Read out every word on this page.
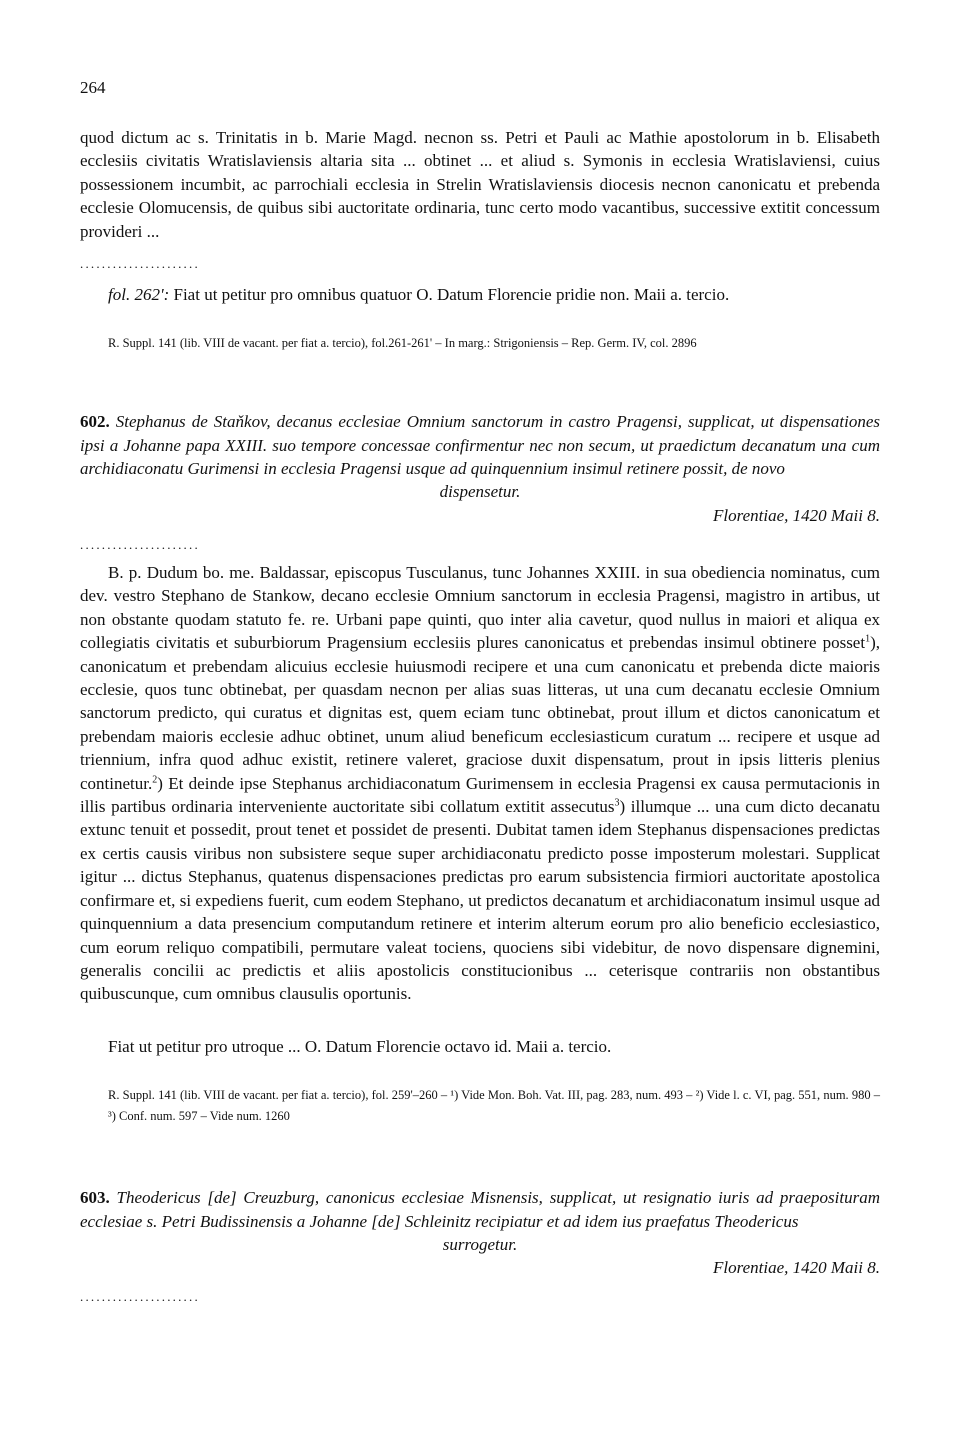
264
quod dictum ac s. Trinitatis in b. Marie Magd. necnon ss. Petri et Pauli ac Mathie apostolorum in b. Elisabeth ecclesiis civitatis Wratislaviensis altaria sita ... obtinet ... et aliud s. Symonis in ecclesia Wratislaviensi, cuius possessionem incumbit, ac parrochiali ecclesia in Strelin Wratislaviensis diocesis necnon canonicatu et prebenda ecclesie Olomucensis, de quibus sibi auctoritate ordinaria, tunc certo modo vacantibus, successive extitit concessum provideri ...
......................
fol. 262': Fiat ut petitur pro omnibus quatuor O. Datum Florencie pridie non. Maii a. tercio.
R. Suppl. 141 (lib. VIII de vacant. per fiat a. tercio), fol.261-261' – In marg.: Strigoniensis – Rep. Germ. IV, col. 2896
602. Stephanus de Staňkov, decanus ecclesiae Omnium sanctorum in castro Pragensi, supplicat, ut dispensationes ipsi a Johanne papa XXIII. suo tempore concessae confirmentur nec non secum, ut praedictum decanatum una cum archidiaconatu Gurimensi in ecclesia Pragensi usque ad quinquennium insimul retinere possit, de novo
dispensetur.
Florentiae, 1420 Maii 8.
......................
B. p. Dudum bo. me. Baldassar, episcopus Tusculanus, tunc Johannes XXIII. in sua obediencia nominatus, cum dev. vestro Stephano de Stankow, decano ecclesie Omnium sanctorum in ecclesia Pragensi, magistro in artibus, ut non obstante quodam statuto fe. re. Urbani pape quinti, quo inter alia cavetur, quod nullus in maiori et aliqua ex collegiatis civitatis et suburbiorum Pragensium ecclesiis plures canonicatus et prebendas insimul obtinere posset$^1$), canonicatum et prebendam alicuius ecclesie huiusmodi recipere et una cum canonicatu et prebenda dicte maioris ecclesie, quos tunc obtinebat, per quasdam necnon per alias suas litteras, ut una cum decanatu ecclesie Omnium sanctorum predicto, qui curatus et dignitas est, quem eciam tunc obtinebat, prout illum et dictos canonicatum et prebendam maioris ecclesie adhuc obtinet, unum aliud beneficum ecclesiasticum curatum ... recipere et usque ad triennium, infra quod adhuc existit, retinere valeret, graciose duxit dispensatum, prout in ipsis litteris plenius continetur.$^2$) Et deinde ipse Stephanus archidiaconatum Gurimensem in ecclesia Pragensi ex causa permutacionis in illis partibus ordinaria interveniente auctoritate sibi collatum extitit assecutus$^3$) illumque ... una cum dicto decanatu extunc tenuit et possedit, prout tenet et possidet de presenti. Dubitat tamen idem Stephanus dispensaciones predictas ex certis causis viribus non subsistere seque super archidiaconatu predicto posse imposterum molestari. Supplicat igitur ... dictus Stephanus, quatenus dispensaciones predictas pro earum subsistencia firmiori auctoritate apostolica confirmare et, si expediens fuerit, cum eodem Stephano, ut predictos decanatum et archidiaconatum insimul usque ad quinquennium a data presencium computandum retinere et interim alterum eorum pro alio beneficio ecclesiastico, cum eorum reliquo compatibili, permutare valeat tociens, quociens sibi videbitur, de novo dispensare dignemini, generalis concilii ac predictis et aliis apostolicis constitucionibus ... ceterisque contrariis non obstantibus quibuscunque, cum omnibus clausulis oportunis.
Fiat ut petitur pro utroque ... O. Datum Florencie octavo id. Maii a. tercio.
R. Suppl. 141 (lib. VIII de vacant. per fiat a. tercio), fol. 259'–260 – ¹) Vide Mon. Boh. Vat. III, pag. 283, num. 493 – ²) Vide l. c. VI, pag. 551, num. 980 – ³) Conf. num. 597 – Vide num. 1260
603. Theodericus [de] Creuzburg, canonicus ecclesiae Misnensis, supplicat, ut resignatio iuris ad praeposituram ecclesiae s. Petri Budissinensis a Johanne [de] Schleinitz recipiatur et ad idem ius praefatus Theodericus
surrogetur.
Florentiae, 1420 Maii 8.
......................
